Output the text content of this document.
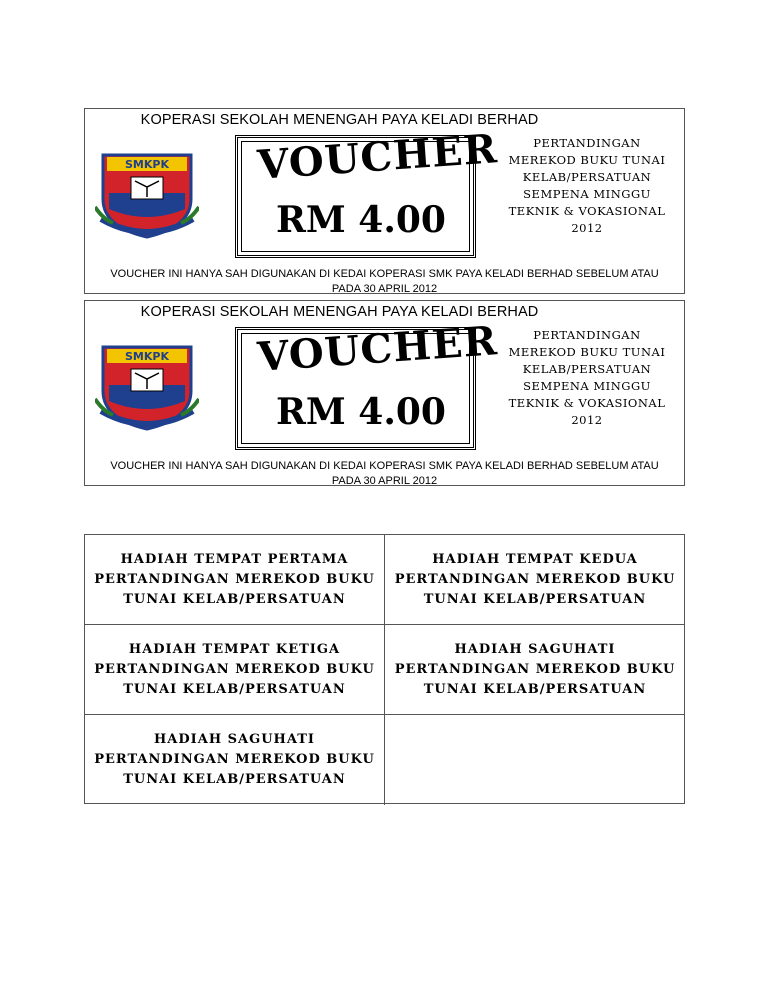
KOPERASI SEKOLAH MENENGAH PAYA KELADI BERHAD
SMKPK VOUCHER
RM 4.00
PERTANDINGAN
MEREKOD BUKU TUNAI
KELAB/PERSATUAN
SEMPENA MINGGU
TEKNIK & VOKASIONAL
2012
VOUCHER INI HANYA SAH DIGUNAKAN DI KEDAI KOPERASI SMK PAYA KELADI BERHAD SEBELUM ATAU
PADA 30 APRIL 2012
KOPERASI SEKOLAH MENENGAH PAYA KELADI BERHAD
SMKPK VOUCHER
RM 4.00
PERTANDINGAN
MEREKOD BUKU TUNAI
KELAB/PERSATUAN
SEMPENA MINGGU
TEKNIK & VOKASIONAL
2012
VOUCHER INI HANYA SAH DIGUNAKAN DI KEDAI KOPERASI SMK PAYA KELADI BERHAD SEBELUM ATAU
PADA 30 APRIL 2012
HADIAH TEMPAT PERTAMA
PERTANDINGAN MEREKOD BUKU
TUNAI KELAB/PERSATUAN
HADIAH TEMPAT KEDUA
PERTANDINGAN MEREKOD BUKU
TUNAI KELAB/PERSATUAN
HADIAH TEMPAT KETIGA
PERTANDINGAN MEREKOD BUKU
TUNAI KELAB/PERSATUAN
HADIAH SAGUHATI
PERTANDINGAN MEREKOD BUKU
TUNAI KELAB/PERSATUAN
HADIAH SAGUHATI
PERTANDINGAN MEREKOD BUKU
TUNAI KELAB/PERSATUAN
